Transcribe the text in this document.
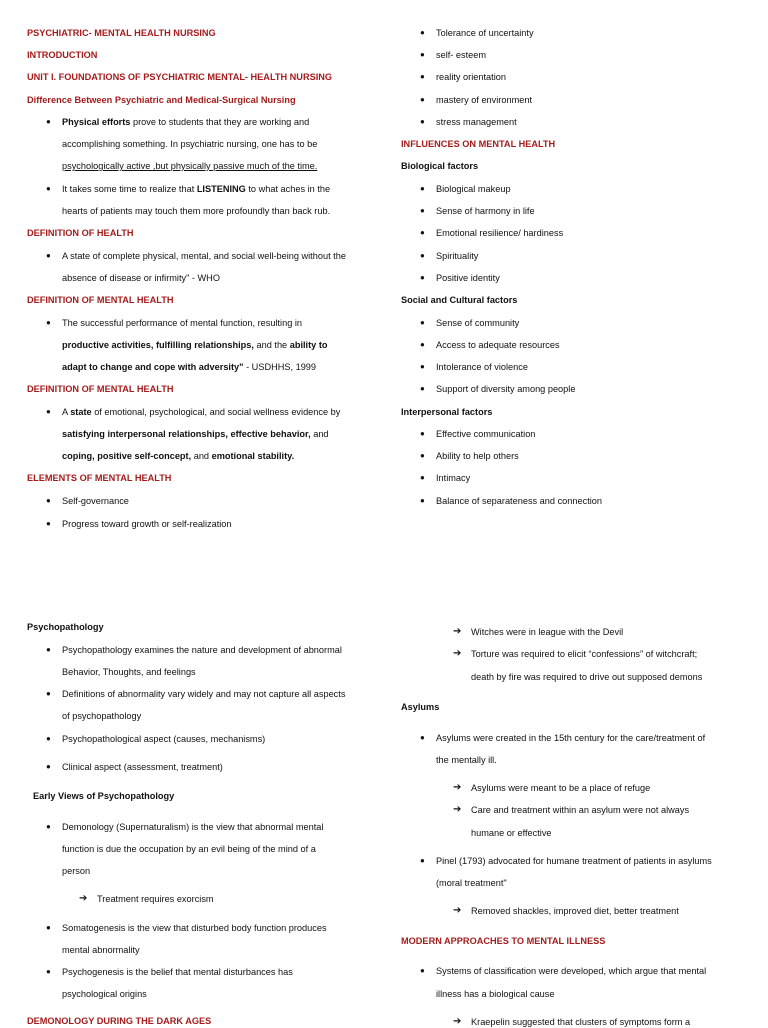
PSYCHIATRIC- MENTAL HEALTH NURSING
INTRODUCTION
UNIT I. FOUNDATIONS OF PSYCHIATRIC MENTAL- HEALTH NURSING
Difference Between Psychiatric and Medical-Surgical Nursing
● Physical efforts prove to students that they are working and
accomplishing something. In psychiatric nursing, one has to be
psychologically active ,but physically passive much of the time.
● It takes some time to realize that LISTENING to what aches in the
hearts of patients may touch them more profoundly than back rub.
DEFINITION OF HEALTH
● A state of complete physical, mental, and social well-being without the
absence of disease or infirmity" - WHO
DEFINITION OF MENTAL HEALTH
● The successful performance of mental function, resulting in
productive activities, fulfilling relationships, and the ability to
adapt to change and cope with adversity" - USDHHS, 1999
DEFINITION OF MENTAL HEALTH
● A state of emotional, psychological, and social wellness evidence by
satisfying interpersonal relationships, effective behavior, and
coping, positive self-concept, and emotional stability.
ELEMENTS OF MENTAL HEALTH
● Self-governance
● Progress toward growth or self-realization
● Tolerance of uncertainty
● self- esteem
● reality orientation
● mastery of environment
● stress management
INFLUENCES ON MENTAL HEALTH
Biological factors
● Biological makeup
● Sense of harmony in life
● Emotional resilience/ hardiness
● Spirituality
● Positive identity
Social and Cultural factors
● Sense of community
● Access to adequate resources
● Intolerance of violence
● Support of diversity among people
Interpersonal factors
● Effective communication
● Ability to help others
● Intimacy
● Balance of separateness and connection
Psychopathology
● Psychopathology examines the nature and development of abnormal
Behavior, Thoughts, and feelings
● Definitions of abnormality vary widely and may not capture all aspects
of psychopathology
● Psychopathological aspect (causes, mechanisms)
● Clinical aspect (assessment, treatment)
Early Views of Psychopathology
● Demonology (Supernaturalism) is the view that abnormal mental
function is due the occupation by an evil being of the mind of a
person
➔ Treatment requires exorcism
● Somatogenesis is the view that disturbed body function produces
mental abnormality
● Psychogenesis is the belief that mental disturbances has
psychological origins
DEMONOLOGY DURING THE DARK AGES
➔ Witches were in league with the Devil
➔ Torture was required to elicit “confessions” of witchcraft;
death by fire was required to drive out supposed demons
Asylums
● Asylums were created in the 15th century for the care/treatment of
the mentally ill.
➔ Asylums were meant to be a place of refuge
➔ Care and treatment within an asylum were not always
humane or effective
● Pinel (1793) advocated for humane treatment of patients in asylums
(moral treatment"
➔ Removed shackles, improved diet, better treatment
MODERN APPROACHES TO MENTAL ILLNESS
● Systems of classification were developed, which argue that mental
illness has a biological cause
➔ Kraepelin suggested that clusters of symptoms form a
